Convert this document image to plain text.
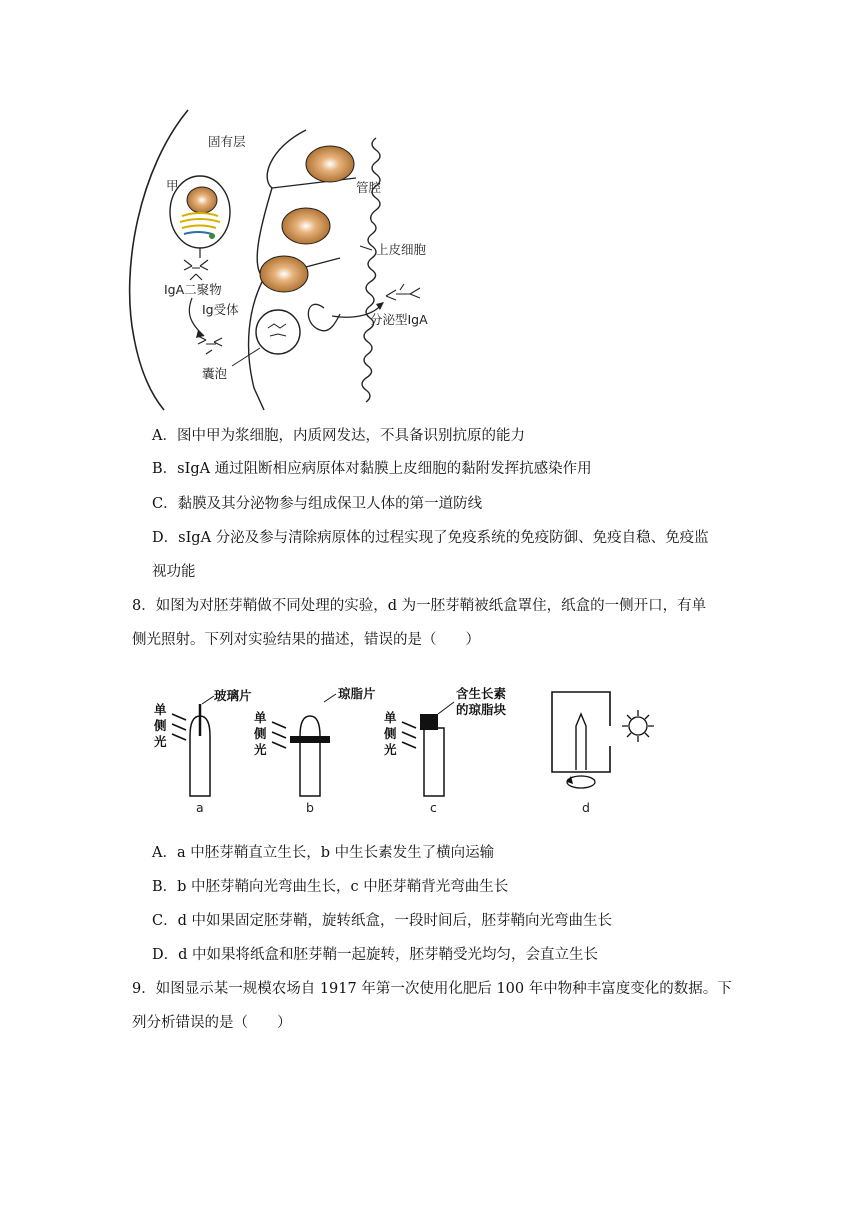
固有层
甲	管腔
上皮细胞
IgA二聚物
Ig受体
囊泡
分泌型IgA
A．图中甲为浆细胞，内质网发达，不具备识别抗原的能力
B．sIgA 通过阻断相应病原体对黏膜上皮细胞的黏附发挥抗感染作用
C．黏膜及其分泌物参与组成保卫人体的第一道防线
D．sIgA 分泌及参与清除病原体的过程实现了免疫系统的免疫防御、免疫自稳、免疫监
视功能
8．如图为对胚芽鞘做不同处理的实验，d 为一胚芽鞘被纸盒罩住，纸盒的一侧开口，有单
侧光照射。下列对实验结果的描述，错误的是（　　）
单
侧
光
玻璃片
a
单
侧
光
琼脂片
b
单
侧
光
含生长素
的琼脂块
c	d
A．a 中胚芽鞘直立生长，b 中生长素发生了横向运输
B．b 中胚芽鞘向光弯曲生长，c 中胚芽鞘背光弯曲生长
C．d 中如果固定胚芽鞘，旋转纸盒，一段时间后，胚芽鞘向光弯曲生长
D．d 中如果将纸盒和胚芽鞘一起旋转，胚芽鞘受光均匀，会直立生长
9．如图显示某一规模农场自 1917 年第一次使用化肥后 100 年中物种丰富度变化的数据。下
列分析错误的是（　　）
